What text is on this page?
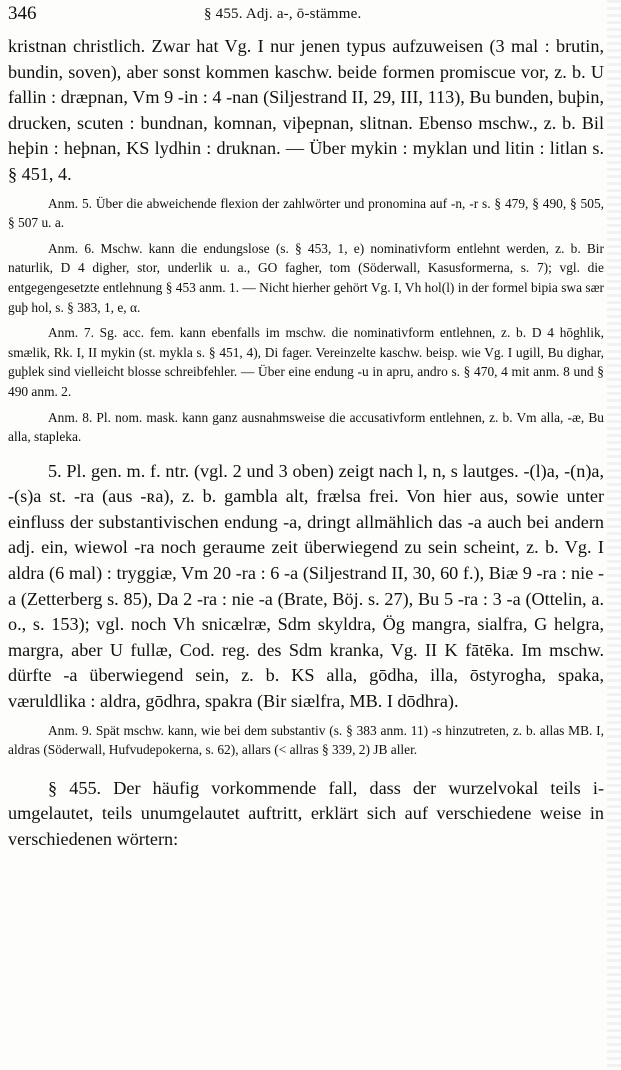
346	§ 455. Adj. a-, ō-stämme.

kristnan christlich. Zwar hat Vg. I nur jenen typus aufzuweisen (3 mal : brutin, bundin, soven), aber sonst kommen kaschw. beide formen promiscue vor, z. b. U fallin : dræpnan, Vm 9 -in : 4 -nan (Siljestrand II, 29, III, 113), Bu bunden, buþin, drucken, scuten : bundnan, komnan, viþepnan, slitnan. Ebenso mschw., z. b. Bil heþin : heþnan, KS lydhin : druknan. — Über mykin : myklan und litin : litlan s. § 451, 4.

Anm. 5. Über die abweichende flexion der zahlwörter und pronomina auf -n, -r s. § 479, § 490, § 505, § 507 u. a.

Anm. 6. Mschw. kann die endungslose (s. § 453, 1, e) nominativform entlehnt werden, z. b. Bir naturlik, D 4 digher, stor, underlik u. a., GO fagher, tom (Söderwall, Kasusformerna, s. 7); vgl. die entgegengesetzte entlehnung § 453 anm. 1. — Nicht hierher gehört Vg. I, Vh hol(l) in der formel bipia swa sær guþ hol, s. § 383, 1, e, α.

Anm. 7. Sg. acc. fem. kann ebenfalls im mschw. die nominativform entlehnen, z. b. D 4 hōghlik, smælik, Rk. I, II mykin (st. mykla s. § 451, 4), Di fager. Vereinzelte kaschw. beisp. wie Vg. I ugill, Bu dighar, guþlek sind vielleicht blosse schreibfehler. — Über eine endung -u in apru, andro s. § 470, 4 mit anm. 8 und § 490 anm. 2.

Anm. 8. Pl. nom. mask. kann ganz ausnahmsweise die accusativform entlehnen, z. b. Vm alla, -æ, Bu alla, stapleka.

5. Pl. gen. m. f. ntr. (vgl. 2 und 3 oben) zeigt nach l, n, s lautges. -(l)a, -(n)a, -(s)a st. -ra (aus -ʀa), z. b. gambla alt, frælsa frei. Von hier aus, sowie unter einfluss der substantivischen endung -a, dringt allmählich das -a auch bei andern adj. ein, wiewol -ra noch geraume zeit überwiegend zu sein scheint, z. b. Vg. I aldra (6 mal) : tryggiæ, Vm 20 -ra : 6 -a (Siljestrand II, 30, 60 f.), Biæ 9 -ra : nie -a (Zetterberg s. 85), Da 2 -ra : nie -a (Brate, Böj. s. 27), Bu 5 -ra : 3 -a (Ottelin, a. o., s. 153); vgl. noch Vh snicælræ, Sdm skyldra, Ög mangra, sialfra, G helgra, margra, aber U fullæ, Cod. reg. des Sdm kranka, Vg. II K fātēka. Im mschw. dürfte -a überwiegend sein, z. b. KS alla, gōdha, illa, ōstyrogha, spaka, væruldlika : aldra, gōdhra, spakra (Bir siælfra, MB. I dōdhra).

Anm. 9. Spät mschw. kann, wie bei dem substantiv (s. § 383 anm. 11) -s hinzutreten, z. b. allas MB. I, aldras (Söderwall, Hufvudepokerna, s. 62), allars (< allras § 339, 2) JB aller.

§ 455. Der häufig vorkommende fall, dass der wurzelvokal teils i-umgelautet, teils unumgelautet auftritt, erklärt sich auf verschiedene weise in verschiedenen wörtern:
